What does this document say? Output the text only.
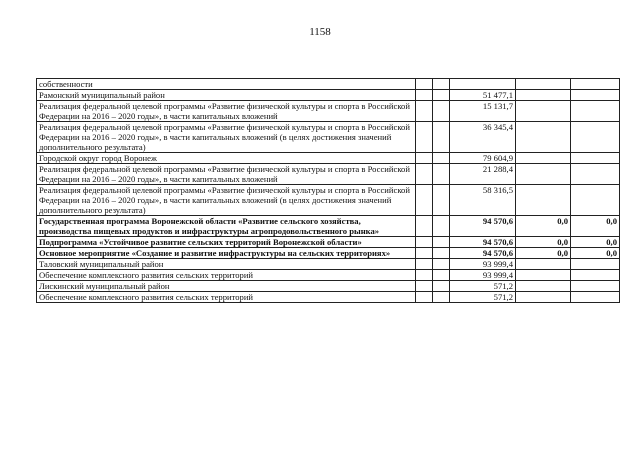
1158
собственности					
Рамонский муниципальный район			51 477,1		
Реализация федеральной целевой программы «Развитие физической культуры и спорта в Российской Федерации на 2016 – 2020 годы», в части капитальных вложений			15 131,7		
Реализация федеральной целевой программы «Развитие физической культуры и спорта в Российской Федерации на 2016 – 2020 годы», в части капитальных вложений (в целях достижения значений дополнительного результата)			36 345,4		
Городской округ город Воронеж			79 604,9		
Реализация федеральной целевой программы «Развитие физической культуры и спорта в Российской Федерации на 2016 – 2020 годы», в части капитальных вложений			21 288,4		
Реализация федеральной целевой программы «Развитие физической культуры и спорта в Российской Федерации на 2016 – 2020 годы», в части капитальных вложений (в целях достижения значений дополнительного результата)			58 316,5		
Государственная программа Воронежской области «Развитие сельского хозяйства, производства пищевых продуктов и инфраструктуры агропродовольственного рынка»			94 570,6	0,0	0,0
Подпрограмма «Устойчивое развитие сельских территорий Воронежской области»			94 570,6	0,0	0,0
Основное мероприятие «Создание и развитие инфраструктуры на сельских территориях»			94 570,6	0,0	0,0
Таловский муниципальный район			93 999,4		
Обеспечение комплексного развития сельских территорий			93 999,4		
Лискинский муниципальный район			571,2		
Обеспечение комплексного развития сельских территорий			571,2		
